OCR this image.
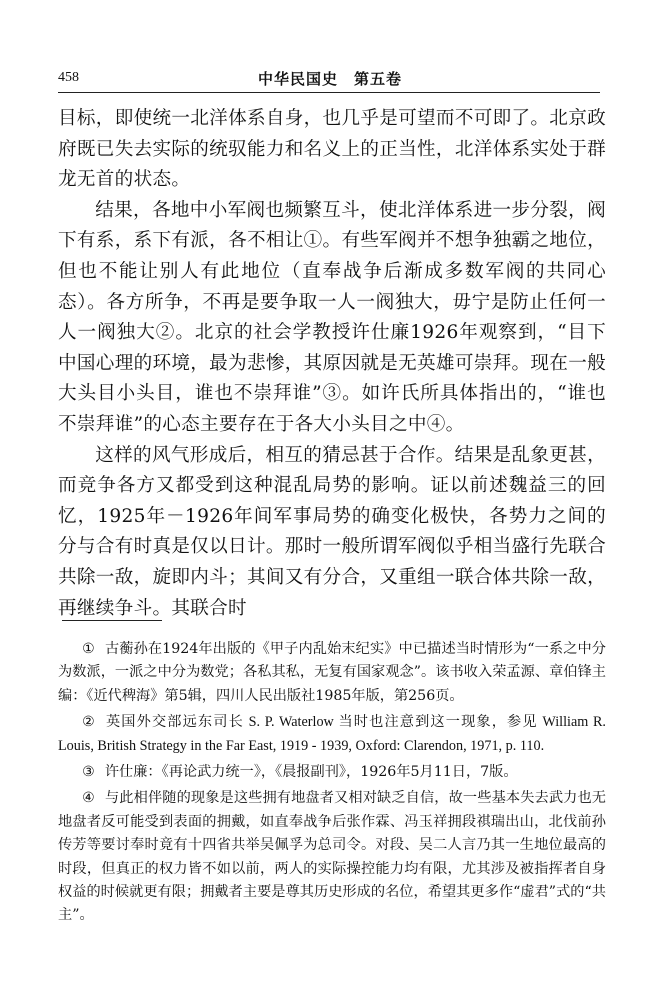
458	中华民国史　第五卷

目标，即使统一北洋体系自身，也几乎是可望而不可即了。北京政府既已失去实际的统驭能力和名义上的正当性，北洋体系实处于群龙无首的状态。

结果，各地中小军阀也频繁互斗，使北洋体系进一步分裂，阀下有系，系下有派，各不相让①。有些军阀并不想争独霸之地位，但也不能让别人有此地位（直奉战争后渐成多数军阀的共同心态）。各方所争，不再是要争取一人一阀独大，毋宁是防止任何一人一阀独大②。北京的社会学教授许仕廉1926年观察到，“目下中国心理的环境，最为悲惨，其原因就是无英雄可崇拜。现在一般大头目小头目，谁也不崇拜谁”③。如许氏所具体指出的，“谁也不崇拜谁”的心态主要存在于各大小头目之中④。

这样的风气形成后，相互的猜忌甚于合作。结果是乱象更甚，而竞争各方又都受到这种混乱局势的影响。证以前述魏益三的回忆，1925年－1926年间军事局势的确变化极快，各势力之间的分与合有时真是仅以日计。那时一般所谓军阀似乎相当盛行先联合共除一敌，旋即内斗；其间又有分合，又重组一联合体共除一敌，再继续争斗。其联合时

① 古蘅孙在1924年出版的《甲子内乱始末纪实》中已描述当时情形为“一系之中分为数派，一派之中分为数党；各私其私，无复有国家观念”。该书收入荣孟源、章伯锋主编：《近代稗海》第5辑，四川人民出版社1985年版，第256页。

② 英国外交部远东司长 S. P. Waterlow 当时也注意到这一现象，参见 William R. Louis, British Strategy in the Far East, 1919 - 1939, Oxford: Clarendon, 1971, p. 110.

③ 许仕廉：《再论武力统一》，《晨报副刊》，1926年5月11日，7版。

④ 与此相伴随的现象是这些拥有地盘者又相对缺乏自信，故一些基本失去武力也无地盘者反可能受到表面的拥戴，如直奉战争后张作霖、冯玉祥拥段祺瑞出山，北伐前孙传芳等要讨奉时竟有十四省共举吴佩孚为总司令。对段、吴二人言乃其一生地位最高的时段，但真正的权力皆不如以前，两人的实际操控能力均有限，尤其涉及被指挥者自身权益的时候就更有限；拥戴者主要是尊其历史形成的名位，希望其更多作“虚君”式的“共主”。
